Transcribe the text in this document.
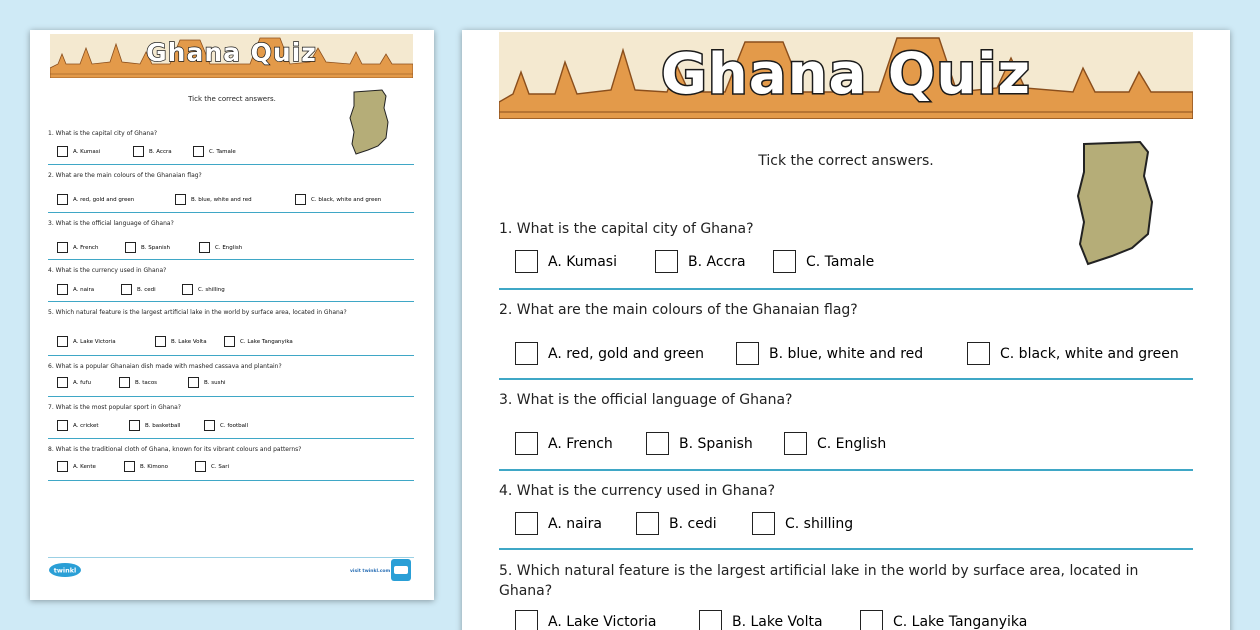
Ghana Quiz
Tick the correct answers.
1. What is the capital city of Ghana?
A. Kumasi	B. Accra	C. Tamale
2. What are the main colours of the Ghanaian flag?
A. red, gold and green	B. blue, white and red	C. black, white and green
3. What is the official language of Ghana?
A. French	B. Spanish	C. English
4. What is the currency used in Ghana?
A. naira	B. cedi	C. shilling
5. Which natural feature is the largest artificial lake in the world by surface area, located in Ghana?
A. Lake Victoria	B. Lake Volta	C. Lake Tanganyika
6. What is a popular Ghanaian dish made with mashed cassava and plantain?
A. fufu	B. tacos	B. sushi
7. What is the most popular sport in Ghana?
A. cricket	B. basketball	C. football
8. What is the traditional cloth of Ghana, known for its vibrant colours and patterns?
A. Kente	B. Kimono	C. Sari
twinkl	visit twinkl.com
Ghana Quiz
Tick the correct answers.
1. What is the capital city of Ghana?
A. Kumasi	B. Accra	C. Tamale
2. What are the main colours of the Ghanaian flag?
A. red, gold and green	B. blue, white and red	C. black, white and green
3. What is the official language of Ghana?
A. French	B. Spanish	C. English
4. What is the currency used in Ghana?
A. naira	B. cedi	C. shilling
5. Which natural feature is the largest artificial lake in the world by surface area, located in Ghana?
A. Lake Victoria	B. Lake Volta	C. Lake Tanganyika
